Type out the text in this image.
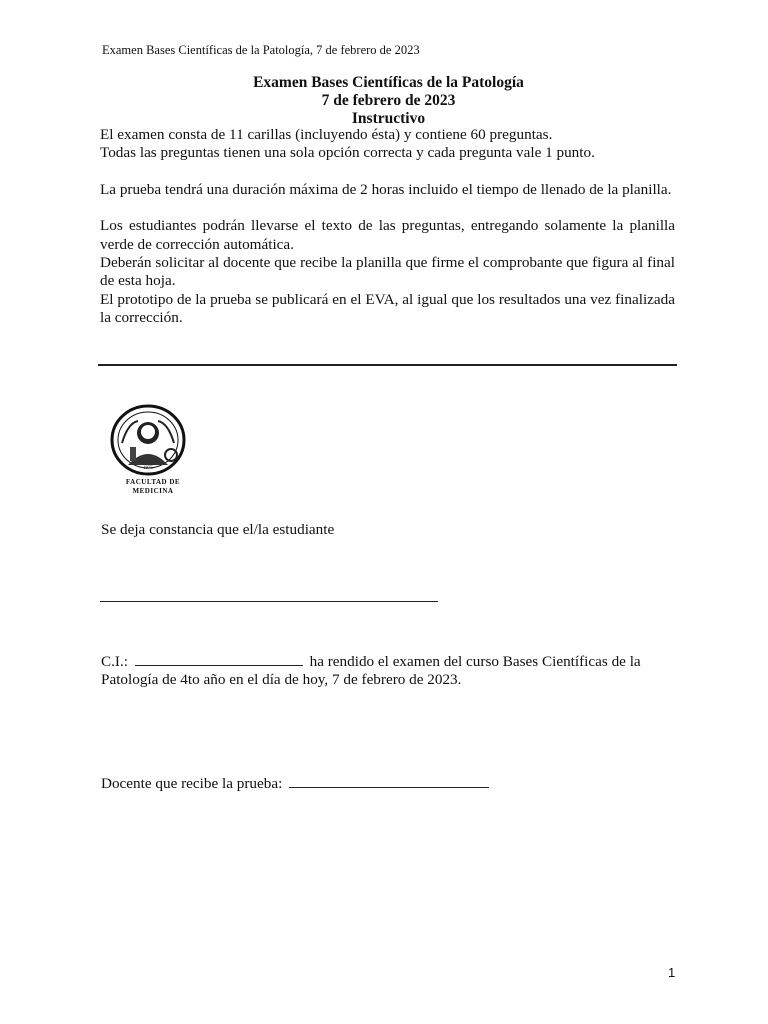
Examen Bases Científicas de la Patología, 7 de febrero de 2023
Examen Bases Científicas de la Patología
7 de febrero de 2023
Instructivo

El examen consta de 11 carillas (incluyendo ésta) y contiene 60 preguntas.

Todas las preguntas tienen una sola opción correcta y cada pregunta vale 1 punto.

La prueba tendrá una duración máxima de 2 horas incluido el tiempo de llenado de la planilla.

Los estudiantes podrán llevarse el texto de las preguntas, entregando solamente la planilla verde de corrección automática.

Deberán solicitar al docente que recibe la planilla que firme el comprobante que figura al final de esta hoja.

El prototipo de la prueba se publicará en el EVA, al igual que los resultados una vez finalizada la corrección.

1875
FACULTAD DE
MEDICINA
Se deja constancia que el/la estudiante
C.I.:	ha rendido el examen del curso Bases Científicas de la
Patología de 4to año en el día de hoy, 7 de febrero de 2023.
Docente que recibe la prueba:
1
